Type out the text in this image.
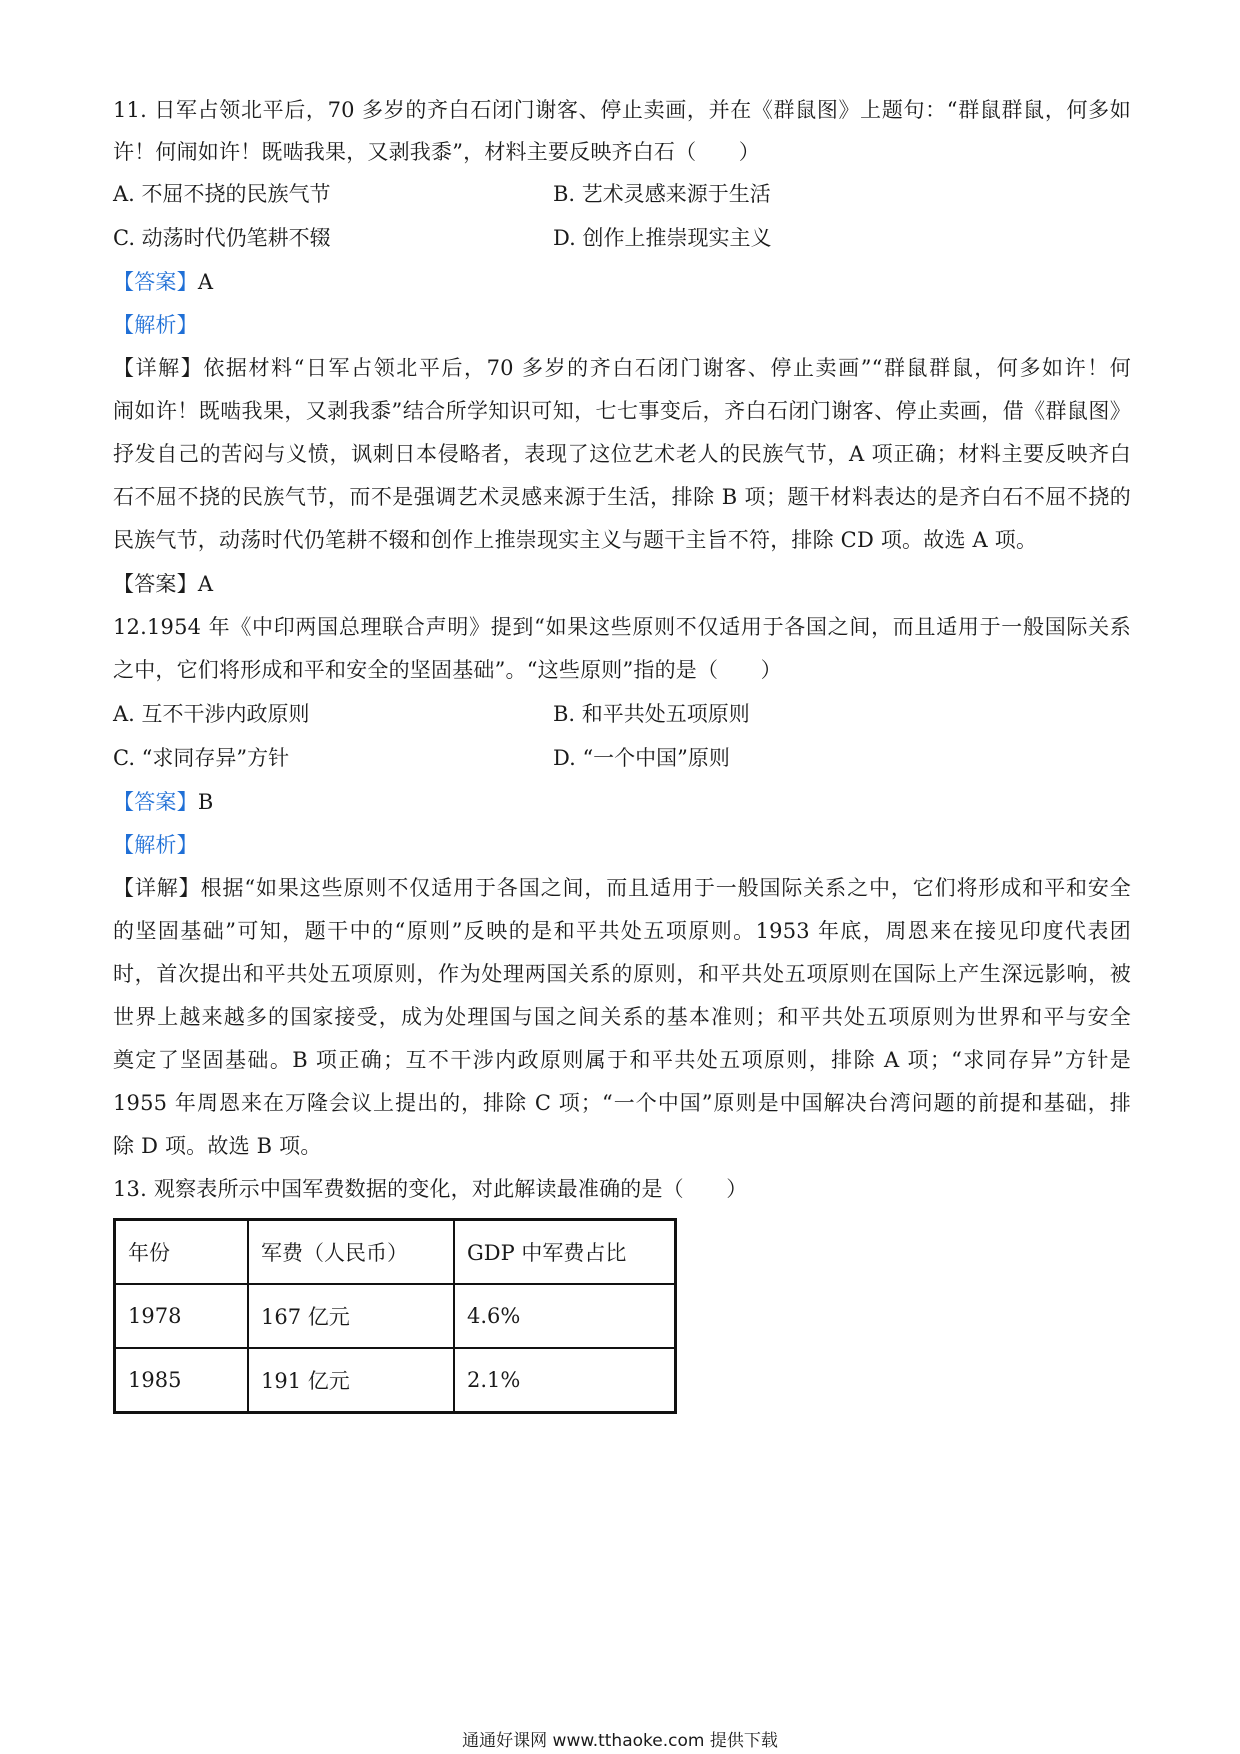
11. 日军占领北平后，70 多岁的齐白石闭门谢客、停止卖画，并在《群鼠图》上题句：“群鼠群鼠，何多如
许！何闹如许！既啮我果，又剥我黍”，材料主要反映齐白石（　　）
A. 不屈不挠的民族气节	B. 艺术灵感来源于生活
C. 动荡时代仍笔耕不辍	D. 创作上推崇现实主义
【答案】A
【解析】
【详解】依据材料“日军占领北平后，70 多岁的齐白石闭门谢客、停止卖画”“群鼠群鼠，何多如许！何
闹如许！既啮我果，又剥我黍”结合所学知识可知，七七事变后，齐白石闭门谢客、停止卖画，借《群鼠图》
抒发自己的苦闷与义愤，讽刺日本侵略者，表现了这位艺术老人的民族气节，A 项正确；材料主要反映齐白
石不屈不挠的民族气节，而不是强调艺术灵感来源于生活，排除 B 项；题干材料表达的是齐白石不屈不挠的
民族气节，动荡时代仍笔耕不辍和创作上推崇现实主义与题干主旨不符，排除 CD 项。故选 A 项。
【答案】A
12.1954 年《中印两国总理联合声明》提到“如果这些原则不仅适用于各国之间，而且适用于一般国际关系
之中，它们将形成和平和安全的坚固基础”。“这些原则”指的是（　　）
A. 互不干涉内政原则	B. 和平共处五项原则
C. “求同存异”方针	D. “一个中国”原则
【答案】B
【解析】
【详解】根据“如果这些原则不仅适用于各国之间，而且适用于一般国际关系之中，它们将形成和平和安全
的坚固基础”可知，题干中的“原则”反映的是和平共处五项原则。1953 年底，周恩来在接见印度代表团
时，首次提出和平共处五项原则，作为处理两国关系的原则，和平共处五项原则在国际上产生深远影响，被
世界上越来越多的国家接受，成为处理国与国之间关系的基本准则；和平共处五项原则为世界和平与安全
奠定了坚固基础。B 项正确；互不干涉内政原则属于和平共处五项原则，排除 A 项；“求同存异”方针是
1955 年周恩来在万隆会议上提出的，排除 C 项；“一个中国”原则是中国解决台湾问题的前提和基础，排
除 D 项。故选 B 项。
13. 观察表所示中国军费数据的变化，对此解读最准确的是（　　）
年份	军费（人民币）	GDP 中军费占比
1978	167 亿元	4.6%
1985	191 亿元	2.1%
通通好课网 www.tthaoke.com 提供下载
